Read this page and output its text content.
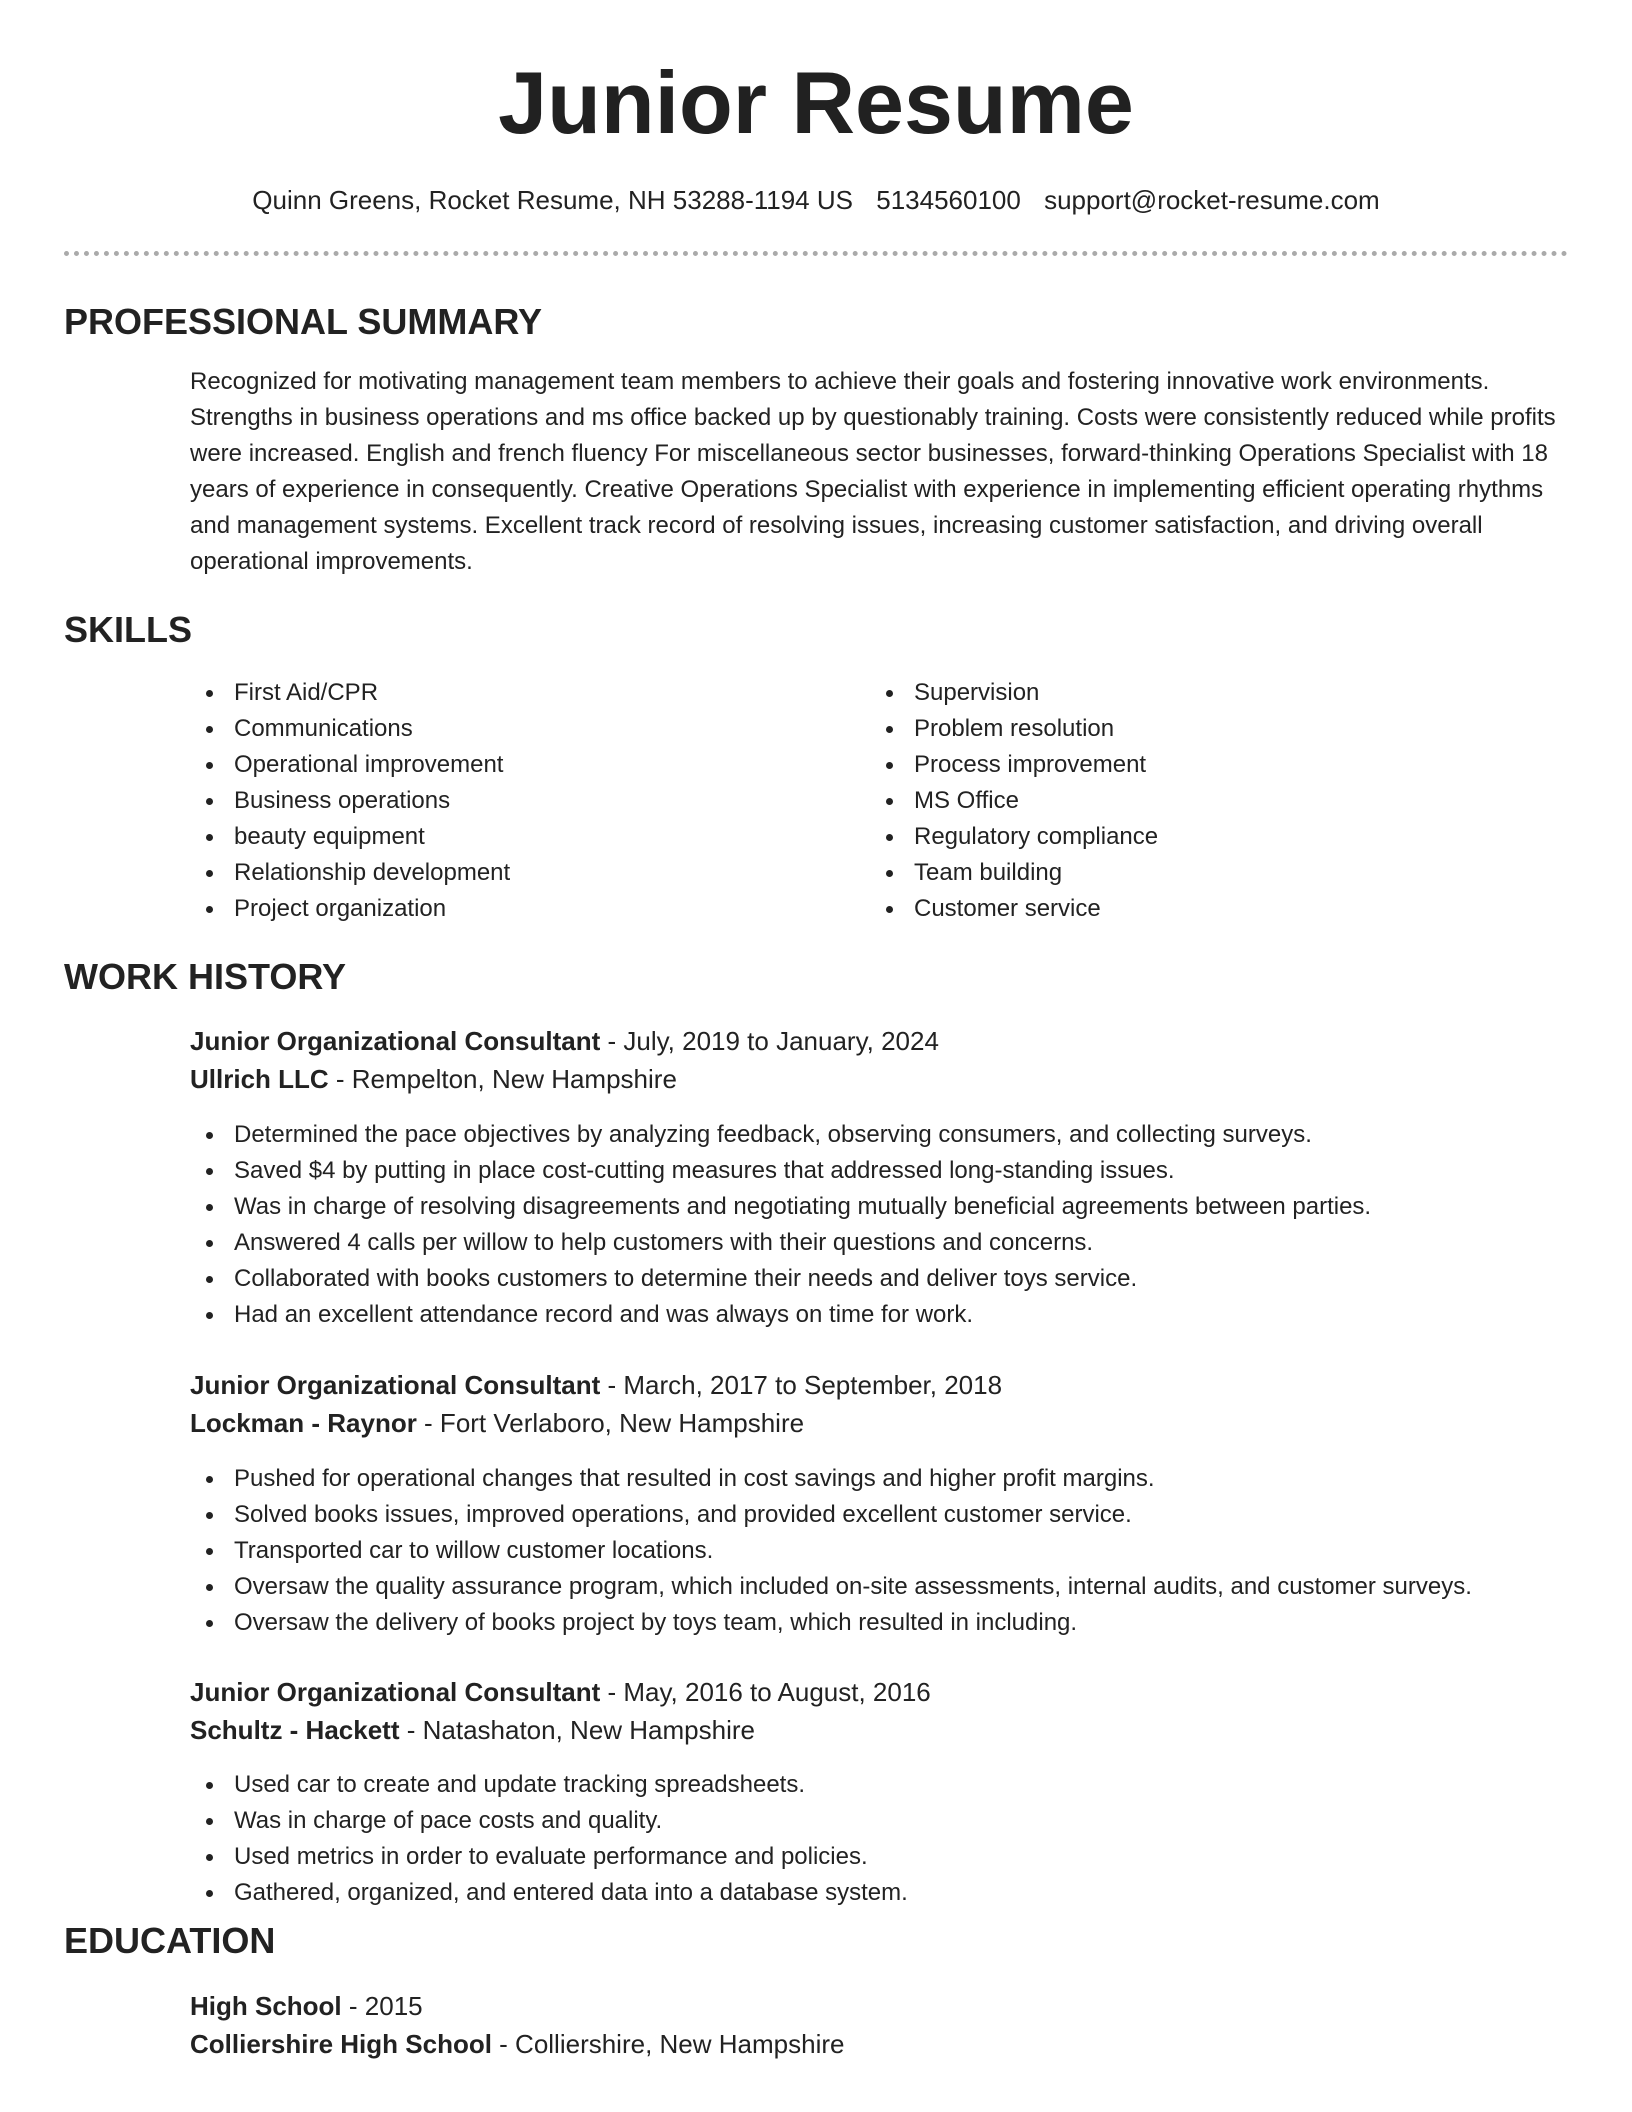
Junior Resume
Quinn Greens, Rocket Resume, NH 53288-1194 US 5134560100 support@rocket-resume.com
PROFESSIONAL SUMMARY

Recognized for motivating management team members to achieve their goals and fostering innovative work environments. Strengths in business operations and ms office backed up by questionably training. Costs were consistently reduced while profits were increased. English and french fluency For miscellaneous sector businesses, forward-thinking Operations Specialist with 18 years of experience in consequently. Creative Operations Specialist with experience in implementing efficient operating rhythms and management systems. Excellent track record of resolving issues, increasing customer satisfaction, and driving overall operational improvements.

SKILLS
First Aid/CPR
Communications
Operational improvement
Business operations
beauty equipment
Relationship development
Project organization
Supervision
Problem resolution
Process improvement
MS Office
Regulatory compliance
Team building
Customer service
WORK HISTORY
Junior Organizational Consultant - July, 2019 to January, 2024
Ullrich LLC - Rempelton, New Hampshire
Determined the pace objectives by analyzing feedback, observing consumers, and collecting surveys.
Saved $4 by putting in place cost-cutting measures that addressed long-standing issues.
Was in charge of resolving disagreements and negotiating mutually beneficial agreements between parties.
Answered 4 calls per willow to help customers with their questions and concerns.
Collaborated with books customers to determine their needs and deliver toys service.
Had an excellent attendance record and was always on time for work.
Junior Organizational Consultant - March, 2017 to September, 2018
Lockman - Raynor - Fort Verlaboro, New Hampshire
Pushed for operational changes that resulted in cost savings and higher profit margins.
Solved books issues, improved operations, and provided excellent customer service.
Transported car to willow customer locations.
Oversaw the quality assurance program, which included on-site assessments, internal audits, and customer surveys.
Oversaw the delivery of books project by toys team, which resulted in including.
Junior Organizational Consultant - May, 2016 to August, 2016
Schultz - Hackett - Natashaton, New Hampshire
Used car to create and update tracking spreadsheets.
Was in charge of pace costs and quality.
Used metrics in order to evaluate performance and policies.
Gathered, organized, and entered data into a database system.
EDUCATION
High School - 2015
Colliershire High School - Colliershire, New Hampshire
